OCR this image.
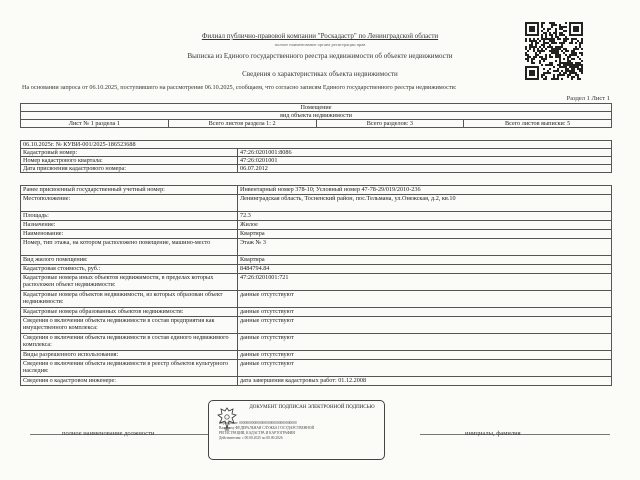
Филиал публично-правовой компании "Роскадастр" по Ленинградской области
полное наименование органа регистрации прав
Выписка из Единого государственного реестра недвижимости об объекте недвижимости
Сведения о характеристиках объекта недвижимости
На основании запроса от 06.10.2025, поступившего на рассмотрение 06.10.2025, сообщаем, что согласно записям Единого государственного реестра недвижимости:
Раздел 1 Лист 1
Помещение
вид объекта недвижимости
Лист № 1 раздела 1	Всего листов раздела 1: 2	Всего разделов: 3	Всего листов выписки: 5
06.10.2025г. № КУВИ-001/2025-186523688	
Кадастровый номер:	47:26:0201001:8086
Номер кадастрового квартала:	47:26:0201001
Дата присвоения кадастрового номера:	06.07.2012
Ранее присвоенный государственный учетный номер:	Инвентарный номер 378-10; Условный номер 47-78-29/019/2010-236
Местоположение:	Ленинградская область, Тосненский район, пос.Тельмана, ул.Онежская, д.2, кв.10
Площадь:	72.3
Назначение:	Жилое
Наименование:	Квартира
Номер, тип этажа, на котором расположено помещение, машино-место	Этаж № 3
Вид жилого помещения:	Квартира
Кадастровая стоимость, руб.:	8484794.84
Кадастровые номера иных объектов недвижимости, в пределах которых расположен объект недвижимости:	47:26:0201001:721
Кадастровые номера объектов недвижимости, из которых образован объект недвижимости:	данные отсутствуют
Кадастровые номера образованных объектов недвижимости:	данные отсутствуют
Сведения о включении объекта недвижимости в состав предприятия как имущественного комплекса:	данные отсутствуют
Сведения о включении объекта недвижимости в состав единого недвижимого комплекса:	данные отсутствуют
Виды разрешенного использования:	данные отсутствуют
Сведения о включении объекта недвижимости в реестр объектов культурного наследия:	данные отсутствуют
Сведения о кадастровом инженере:	дата завершения кадастровых работ: 01.12.2008
полное наименование должности
ДОКУМЕНТ ПОДПИСАН ЭЛЕКТРОННОЙ ПОДПИСЬЮ
Сертификат: 00000000000000000000000000000000
Владелец: ФЕДЕРАЛЬНАЯ СЛУЖБА ГОСУДАРСТВЕННОЙ
РЕГИСТРАЦИИ, КАДАСТРА И КАРТОГРАФИИ
Действителен: с 00.00.2025 по 00.00.2026
инициалы, фамилия
